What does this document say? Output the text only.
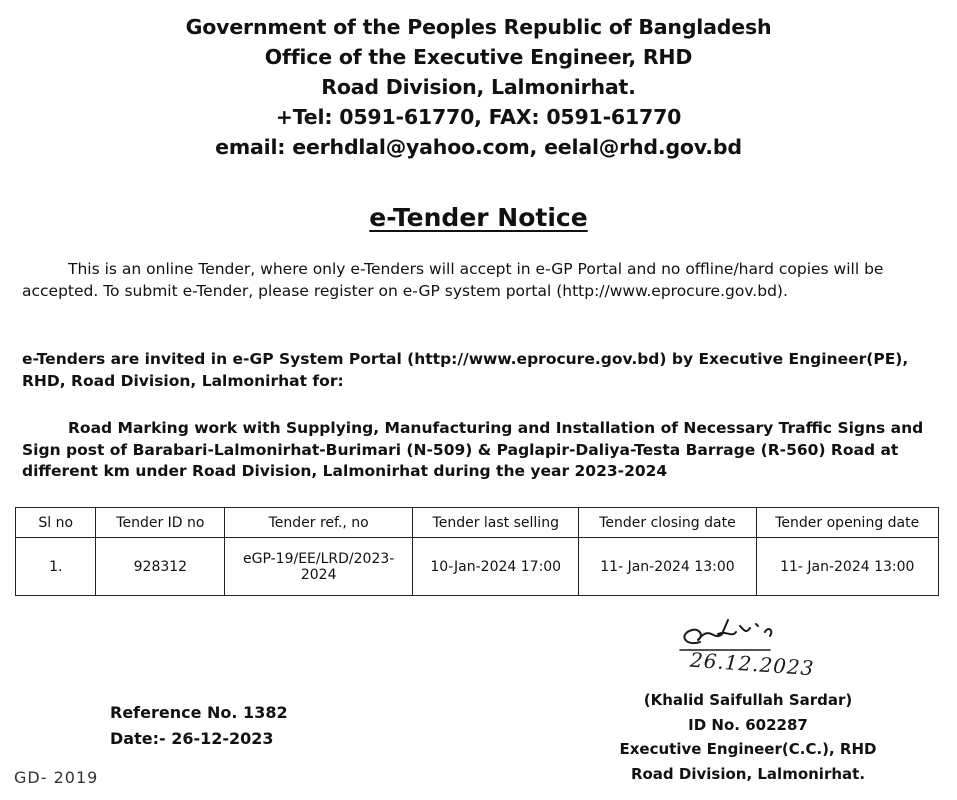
Government of the Peoples Republic of Bangladesh
Office of the Executive Engineer, RHD
Road Division, Lalmonirhat.
+Tel: 0591-61770, FAX: 0591-61770
email: eerhdlal@yahoo.com, eelal@rhd.gov.bd
e-Tender Notice
This is an online Tender, where only e-Tenders will accept in e-GP Portal and no offline/hard copies will be accepted. To submit e-Tender, please register on e-GP system portal (http://www.eprocure.gov.bd).
e-Tenders are invited in e-GP System Portal (http://www.eprocure.gov.bd) by Executive Engineer(PE), RHD, Road Division, Lalmonirhat for:
Road Marking work with Supplying, Manufacturing and Installation of Necessary Traffic Signs and Sign post of Barabari-Lalmonirhat-Burimari (N-509) & Paglapir-Daliya-Testa Barrage (R-560) Road at different km under Road Division, Lalmonirhat during the year 2023-2024
Sl no	Tender ID no	Tender ref., no	Tender last selling	Tender closing date	Tender opening date
1.	928312	eGP-19/EE/LRD/2023-2024	10-Jan-2024 17:00	11- Jan-2024 13:00	11- Jan-2024 13:00
26.12.2023
Reference No. 1382
Date:- 26-12-2023
(Khalid Saifullah Sardar)
ID No. 602287
Executive Engineer(C.C.), RHD
Road Division, Lalmonirhat.
GD- 2019
